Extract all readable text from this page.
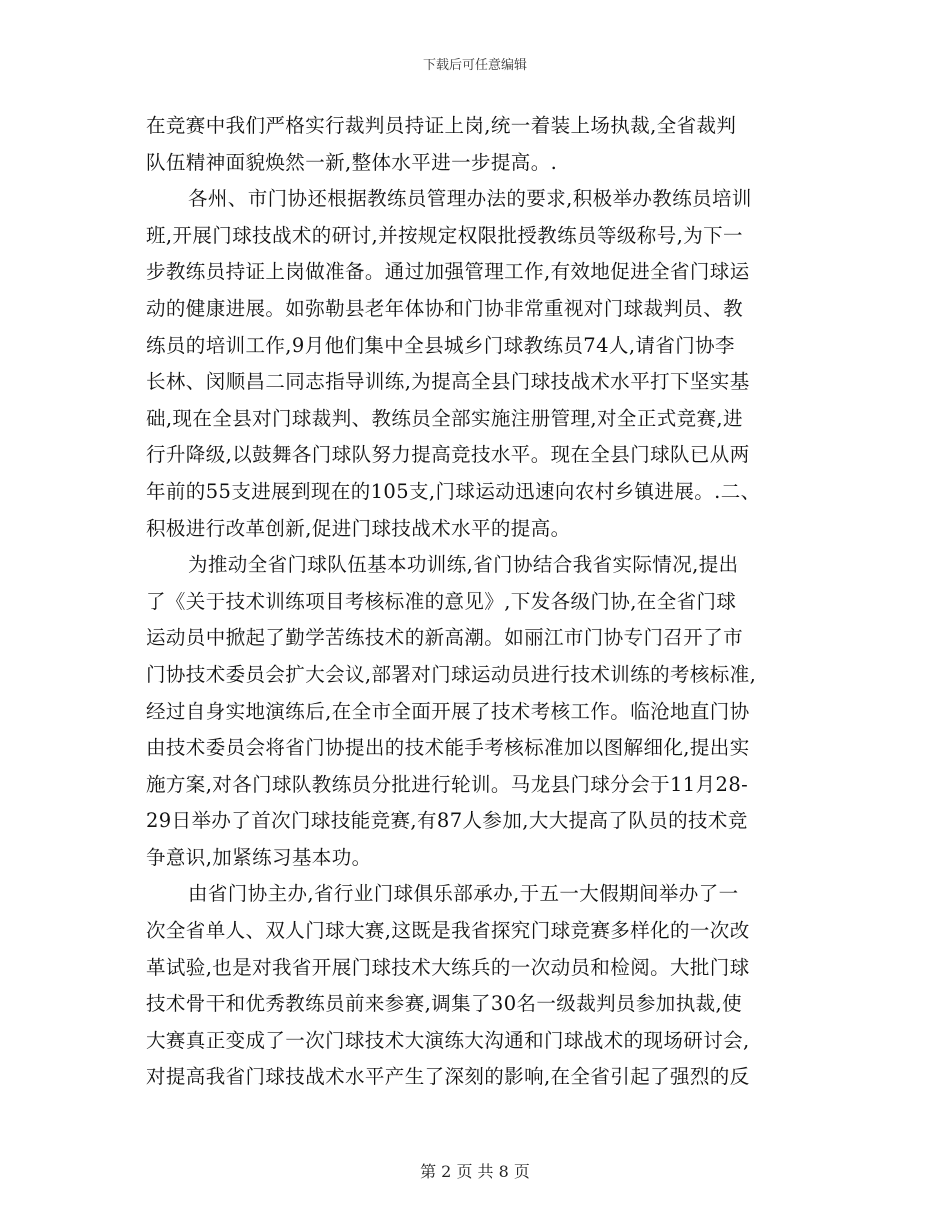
下载后可任意编辑
在竞赛中我们严格实行裁判员持证上岗,统一着装上场执裁,全省裁判
队伍精神面貌焕然一新,整体水平进一步提高。.
各州、市门协还根据教练员管理办法的要求,积极举办教练员培训
班,开展门球技战术的研讨,并按规定权限批授教练员等级称号,为下一
步教练员持证上岗做准备。通过加强管理工作,有效地促进全省门球运
动的健康进展。如弥勒县老年体协和门协非常重视对门球裁判员、教
练员的培训工作,9月他们集中全县城乡门球教练员74人,请省门协李
长林、闵顺昌二同志指导训练,为提高全县门球技战术水平打下坚实基
础,现在全县对门球裁判、教练员全部实施注册管理,对全正式竞赛,进
行升降级,以鼓舞各门球队努力提高竞技水平。现在全县门球队已从两
年前的55支进展到现在的105支,门球运动迅速向农村乡镇进展。.二、
积极进行改革创新,促进门球技战术水平的提高。
为推动全省门球队伍基本功训练,省门协结合我省实际情况,提出
了《关于技术训练项目考核标准的意见》,下发各级门协,在全省门球
运动员中掀起了勤学苦练技术的新高潮。如丽江市门协专门召开了市
门协技术委员会扩大会议,部署对门球运动员进行技术训练的考核标准,
经过自身实地演练后,在全市全面开展了技术考核工作。临沧地直门协
由技术委员会将省门协提出的技术能手考核标准加以图解细化,提出实
施方案,对各门球队教练员分批进行轮训。马龙县门球分会于11月28-
29日举办了首次门球技能竞赛,有87人参加,大大提高了队员的技术竞
争意识,加紧练习基本功。
由省门协主办,省行业门球俱乐部承办,于五一大假期间举办了一
次全省单人、双人门球大赛,这既是我省探究门球竞赛多样化的一次改
革试验,也是对我省开展门球技术大练兵的一次动员和检阅。大批门球
技术骨干和优秀教练员前来参赛,调集了30名一级裁判员参加执裁,使
大赛真正变成了一次门球技术大演练大沟通和门球战术的现场研讨会,
对提高我省门球技战术水平产生了深刻的影响,在全省引起了强烈的反
第 2 页 共 8 页
